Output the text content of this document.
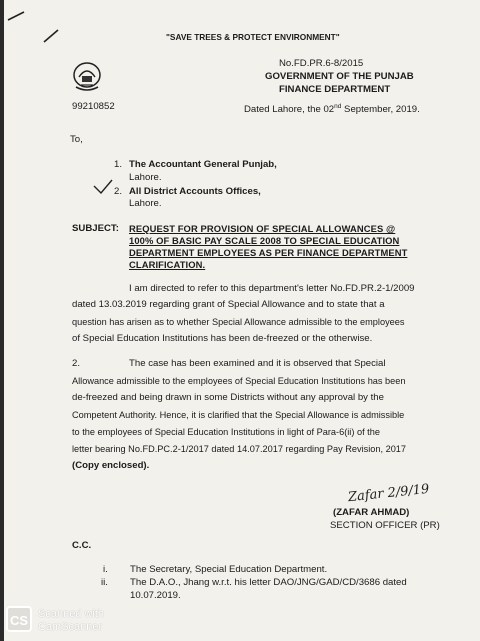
"SAVE TREES & PROTECT ENVIRONMENT"
99210852
No.FD.PR.6-8/2015
GOVERNMENT OF THE PUNJAB
FINANCE DEPARTMENT
Dated Lahore, the 02nd September, 2019.
To,
1. The Accountant General Punjab,
Lahore.
2. All District Accounts Offices,
Lahore.
SUBJECT: REQUEST FOR PROVISION OF SPECIAL ALLOWANCES @
100% OF BASIC PAY SCALE 2008 TO SPECIAL EDUCATION
DEPARTMENT EMPLOYEES AS PER FINANCE DEPARTMENT
CLARIFICATION.
I am directed to refer to this department's letter No.FD.PR.2-1/2009
dated 13.03.2019 regarding grant of Special Allowance and to state that a
question has arisen as to whether Special Allowance admissible to the employees
of Special Education Institutions has been de-freezed or the otherwise.
2.	The case has been examined and it is observed that Special
Allowance admissible to the employees of Special Education Institutions has been
de-freezed and being drawn in some Districts without any approval by the
Competent Authority. Hence, it is clarified that the Special Allowance is admissible
to the employees of Special Education Institutions in light of Para-6(ii) of the
letter bearing No.FD.PC.2-1/2017 dated 14.07.2017 regarding Pay Revision, 2017
(Copy enclosed).
Zafar 2/9/19
(ZAFAR AHMAD)
SECTION OFFICER (PR)
C.C.
i. The Secretary, Special Education Department.
ii. The D.A.O., Jhang w.r.t. his letter DAO/JNG/GAD/CD/3686 dated
10.07.2019.
CS Scanned with
CamScanner
